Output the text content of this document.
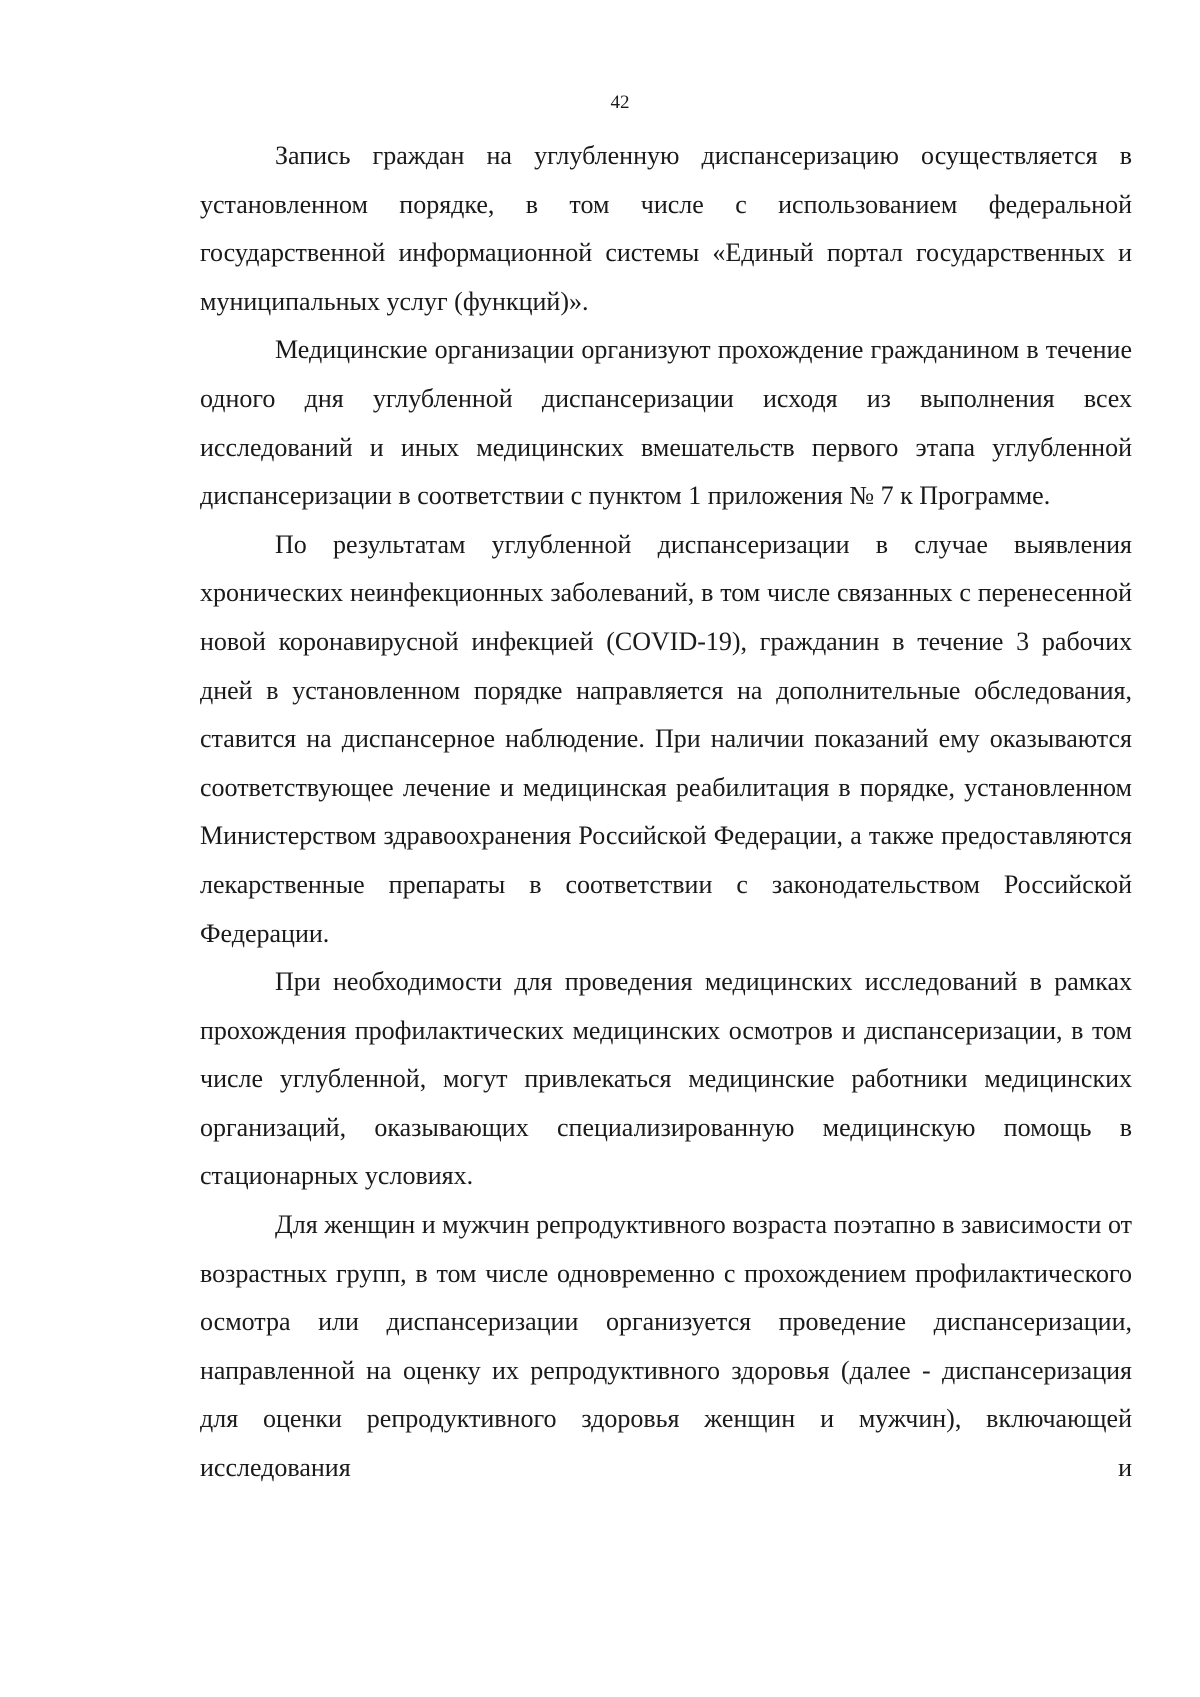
42

Запись граждан на углубленную диспансеризацию осуществляется в установленном порядке, в том числе с использованием федеральной государственной информационной системы «Единый портал государственных и муниципальных услуг (функций)».

Медицинские организации организуют прохождение гражданином в течение одного дня углубленной диспансеризации исходя из выполнения всех исследований и иных медицинских вмешательств первого этапа углубленной диспансеризации в соответствии с пунктом 1 приложения № 7 к Программе.

По результатам углубленной диспансеризации в случае выявления хронических неинфекционных заболеваний, в том числе связанных с перенесенной новой коронавирусной инфекцией (COVID-19), гражданин в течение 3 рабочих дней в установленном порядке направляется на дополнительные обследования, ставится на диспансерное наблюдение. При наличии показаний ему оказываются соответствующее лечение и медицинская реабилитация в порядке, установленном Министерством здравоохранения Российской Федерации, а также предоставляются лекарственные препараты в соответствии с законодательством Российской Федерации.

При необходимости для проведения медицинских исследований в рамках прохождения профилактических медицинских осмотров и диспансеризации, в том числе углубленной, могут привлекаться медицинские работники медицинских организаций, оказывающих специализированную медицинскую помощь в стационарных условиях.

Для женщин и мужчин репродуктивного возраста поэтапно в зависимости от возрастных групп, в том числе одновременно с прохождением профилактического осмотра или диспансеризации организуется проведение диспансеризации, направленной на оценку их репродуктивного здоровья (далее - диспансеризация для оценки репродуктивного здоровья женщин и мужчин), включающей исследования и
